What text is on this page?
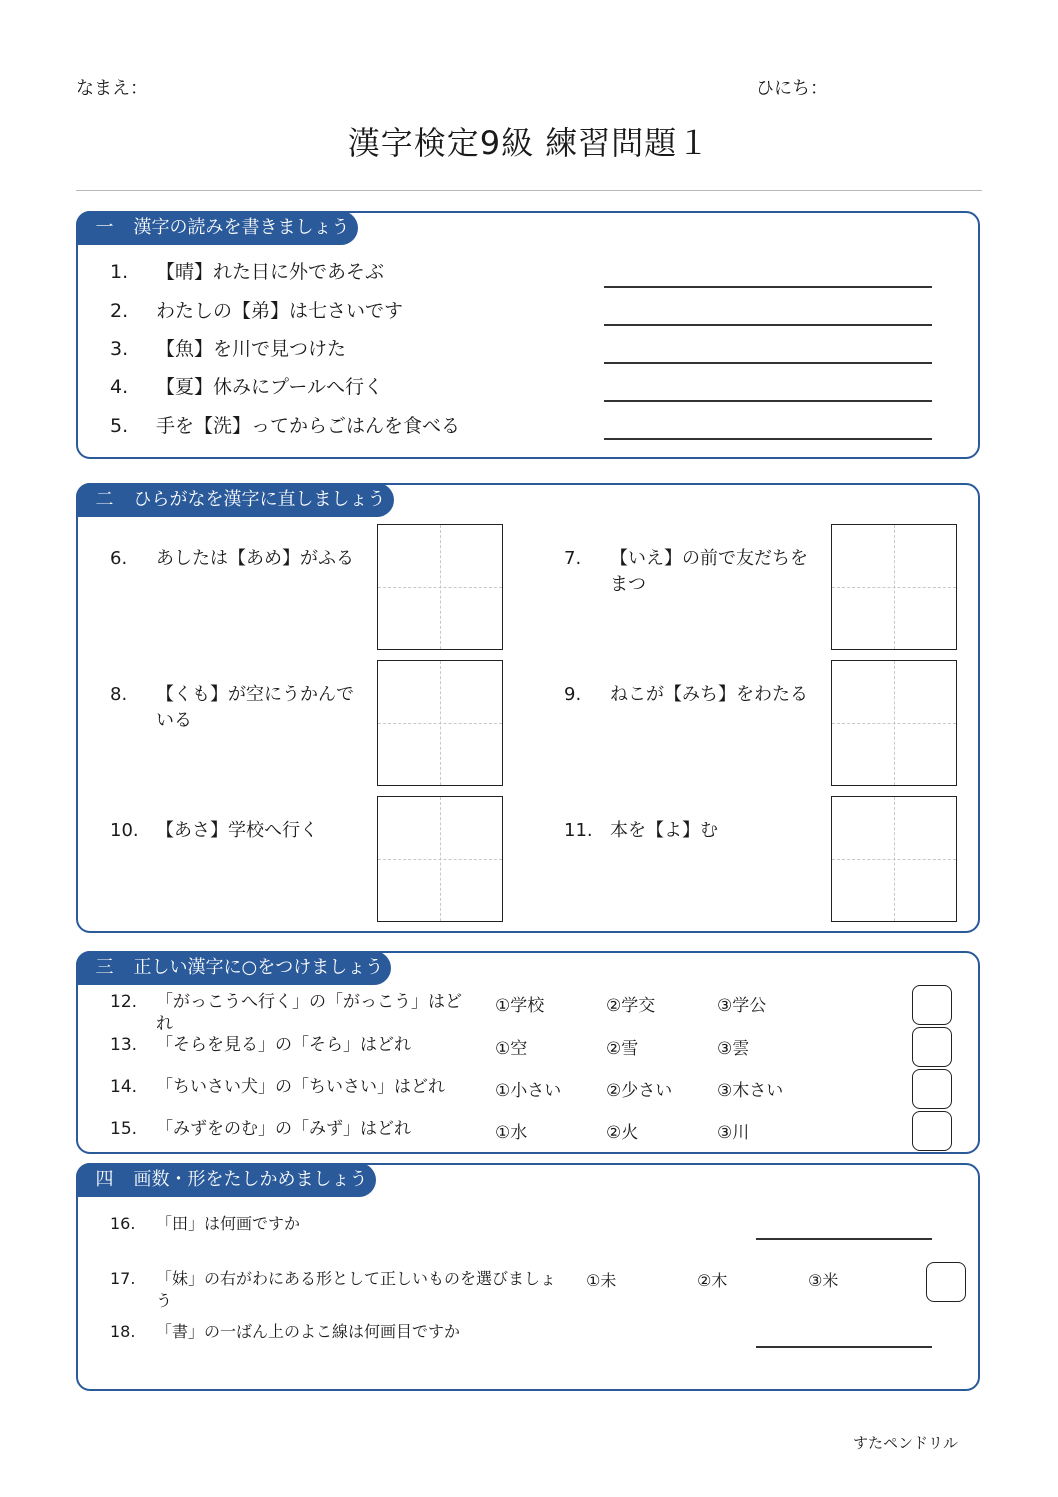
なまえ：	ひにち：
漢字検定9級 練習問題１
一 漢字の読みを書きましょう
1. 【晴】れた日に外であそぶ
2. わたしの【弟】は七さいです
3. 【魚】を川で見つけた
4. 【夏】休みにプールへ行く
5. 手を【洗】ってからごはんを食べる
二 ひらがなを漢字に直しましょう
6. あしたは【あめ】がふる	7. 【いえ】の前で友だちをまつ
8. 【くも】が空にうかんでいる
9. ねこが【みち】をわたる
10. 【あさ】学校へ行く	11. 本を【よ】む
三 正しい漢字に○をつけましょう
12. 「がっこうへ行く」の「がっこう」はどれ
①学校	②学交	③学公
13. 「そらを見る」の「そら」はどれ	①空	②雪	③雲
14. 「ちいさい犬」の「ちいさい」はどれ	①小さい	②少さい	③木さい
15. 「みずをのむ」の「みず」はどれ	①水	②火	③川
四 画数・形をたしかめましょう
16. 「田」は何画ですか
17. 「妹」の右がわにある形として正しいものを選びましょう
①未	②木	③米
18. 「書」の一ばん上のよこ線は何画目ですか
すたペンドリル
